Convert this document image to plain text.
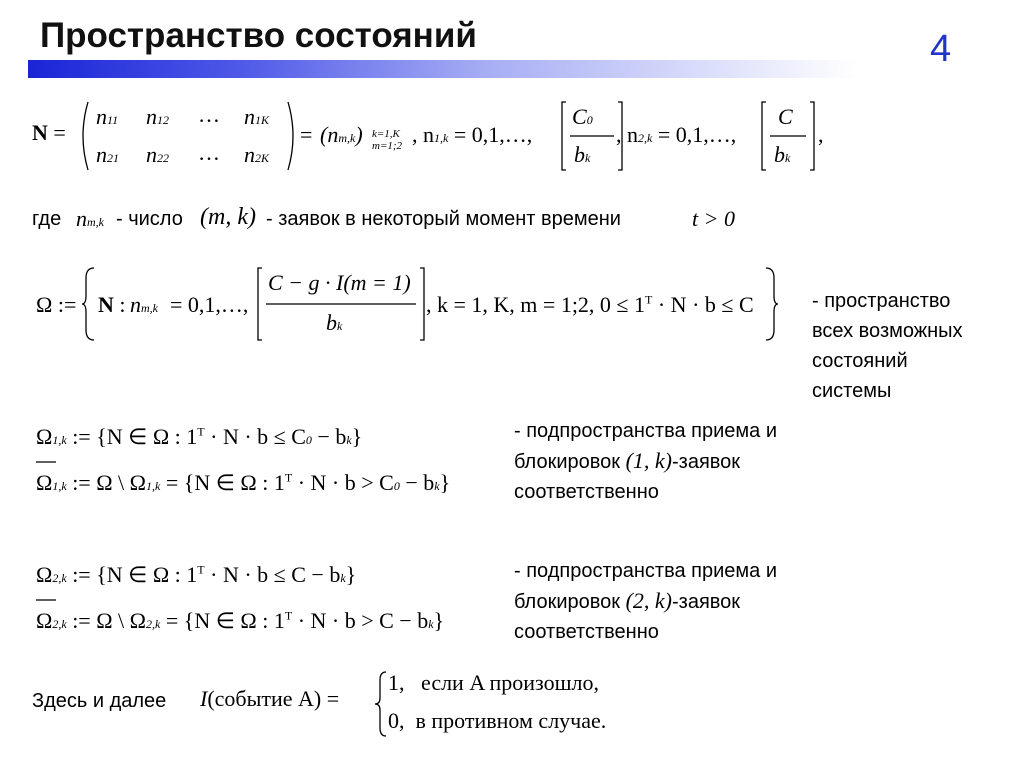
Пространство состояний	4
N =
n11 n12 … n1K
n21 n22 … n2K
= (nm,k) k=1,K
m=1;2 , n1,k = 0,1,…,
C0
bk
, n2,k = 0,1,…,
C
bk
,
где nm,k - число (m, k) - заявок в некоторый момент времени	t > 0
Ω := N : nm,k = 0,1,…,
C − g · I(m = 1)
bk
, k = 1, K, m = 1;2, $0 \le 1^T \cdot N \cdot b \le C$	- пространство
всех возможных
состояний
системы
Ω1,k := {N ∈ Ω : $1^T \cdot N \cdot b \le C0 - bk$}
Ω1,k := Ω \ Ω1,k = {N ∈ Ω : $1^T \cdot N \cdot b > C0 - bk$}
- подпространства приема и
блокировок (1, k)-заявок
соответственно
Ω2,k := {N ∈ Ω : $1^T \cdot N \cdot b \le C - bk$}
Ω2,k := Ω \ Ω2,k = {N ∈ Ω : $1^T \cdot N \cdot b > C - bk$}
- подпространства приема и
блокировок (2, k)-заявок
соответственно
Здесь и далее I(событие A) =
1, если A произошло,
0, в противном случае.
